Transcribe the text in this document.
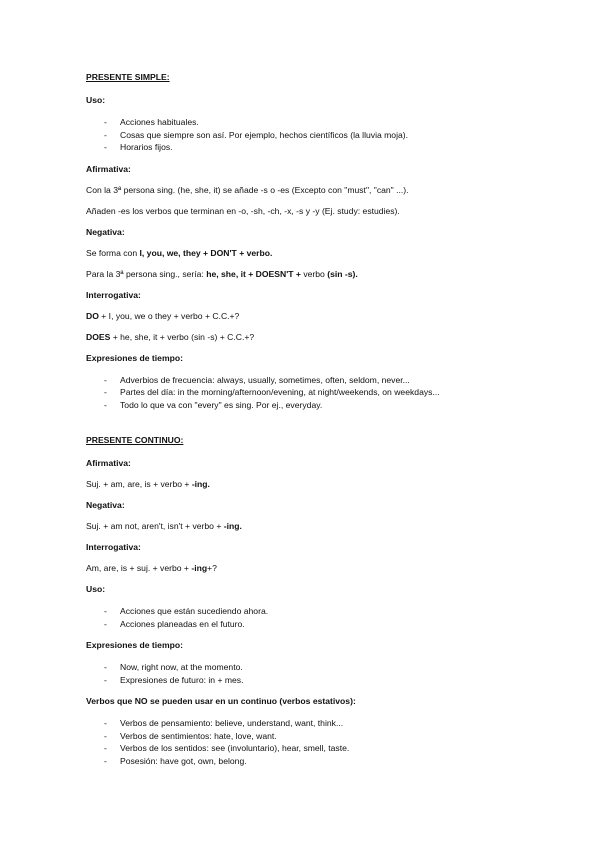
PRESENTE SIMPLE:
Uso:
- Acciones habituales.
- Cosas que siempre son así. Por ejemplo, hechos científicos (la lluvia moja).
- Horarios fijos.
Afirmativa:
Con la 3ª persona sing. (he, she, it) se añade -s o -es (Excepto con "must", "can" ...).
Añaden -es los verbos que terminan en -o, -sh, -ch, -x, -s y -y (Ej. study: estudies).
Negativa:
Se forma con I, you, we, they + DON'T + verbo.
Para la 3ª persona sing., sería: he, she, it + DOESN'T + verbo (sin -s).
Interrogativa:
DO + I, you, we o they + verbo + C.C.+?
DOES + he, she, it + verbo (sin -s) + C.C.+?
Expresiones de tiempo:
- Adverbios de frecuencia: always, usually, sometimes, often, seldom, never...
- Partes del día: in the morning/afternoon/evening, at night/weekends, on weekdays...
- Todo lo que va con "every" es sing. Por ej., everyday.
PRESENTE CONTINUO:
Afirmativa:
Suj. + am, are, is + verbo + -ing.
Negativa:
Suj. + am not, aren't, isn't + verbo + -ing.
Interrogativa:
Am, are, is + suj. + verbo + -ing+?
Uso:
- Acciones que están sucediendo ahora.
- Acciones planeadas en el futuro.
Expresiones de tiempo:
- Now, right now, at the momento.
- Expresiones de futuro: in + mes.
Verbos que NO se pueden usar en un continuo (verbos estativos):
- Verbos de pensamiento: believe, understand, want, think...
- Verbos de sentimientos: hate, love, want.
- Verbos de los sentidos: see (involuntario), hear, smell, taste.
- Posesión: have got, own, belong.
